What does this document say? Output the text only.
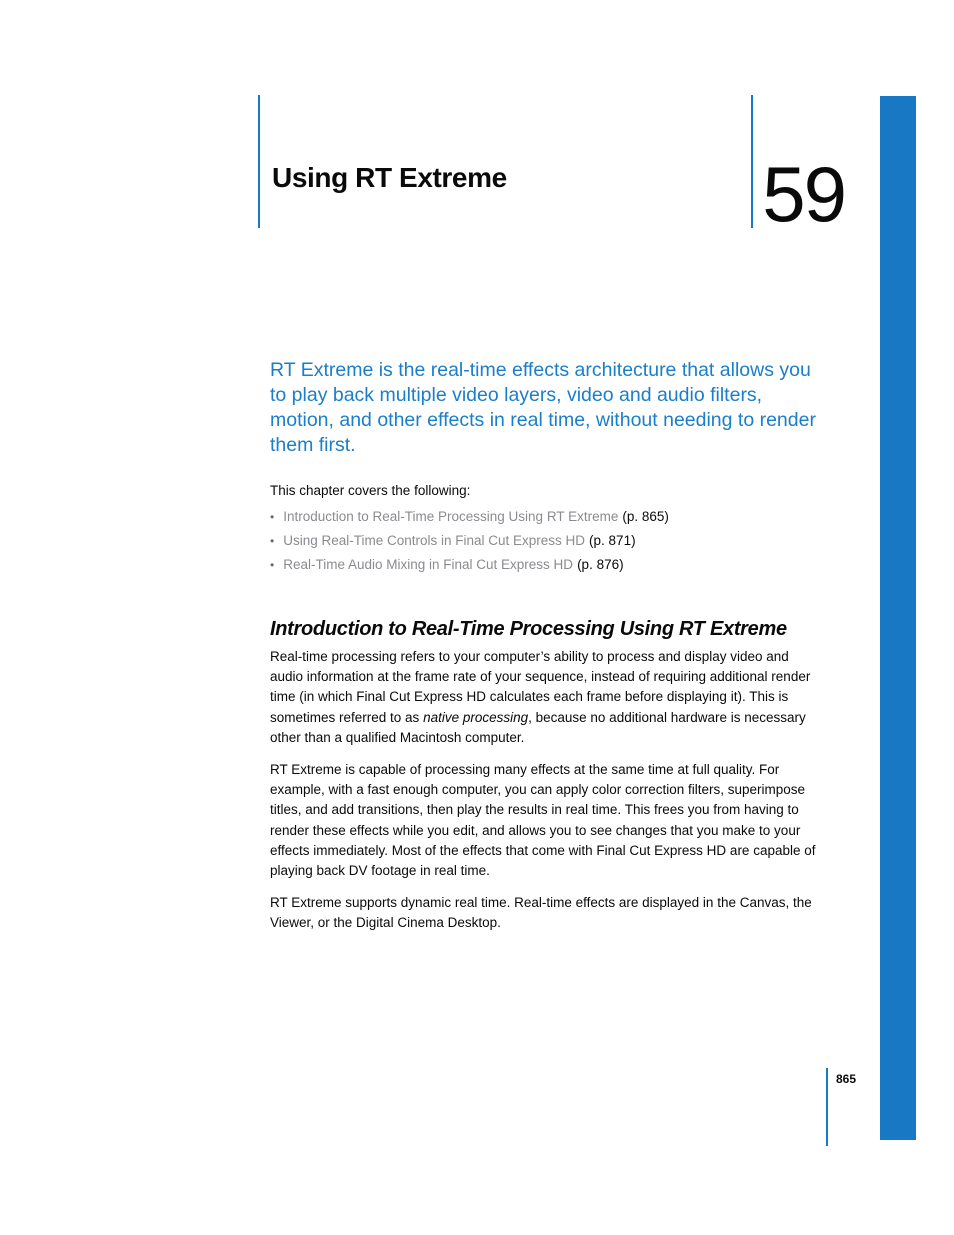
Using RT Extreme	59

RT Extreme is the real-time effects architecture that allows you to play back multiple video layers, video and audio filters, motion, and other effects in real time, without needing to render them first.

This chapter covers the following:

• Introduction to Real-Time Processing Using RT Extreme (p. 865)
• Using Real-Time Controls in Final Cut Express HD (p. 871)
• Real-Time Audio Mixing in Final Cut Express HD (p. 876)
Introduction to Real-Time Processing Using RT Extreme

Real-time processing refers to your computer’s ability to process and display video and audio information at the frame rate of your sequence, instead of requiring additional render time (in which Final Cut Express HD calculates each frame before displaying it). This is sometimes referred to as native processing, because no additional hardware is necessary other than a qualified Macintosh computer.

RT Extreme is capable of processing many effects at the same time at full quality. For example, with a fast enough computer, you can apply color correction filters, superimpose titles, and add transitions, then play the results in real time. This frees you from having to render these effects while you edit, and allows you to see changes that you make to your effects immediately. Most of the effects that come with Final Cut Express HD are capable of playing back DV footage in real time.

RT Extreme supports dynamic real time. Real-time effects are displayed in the Canvas, the Viewer, or the Digital Cinema Desktop.

865
